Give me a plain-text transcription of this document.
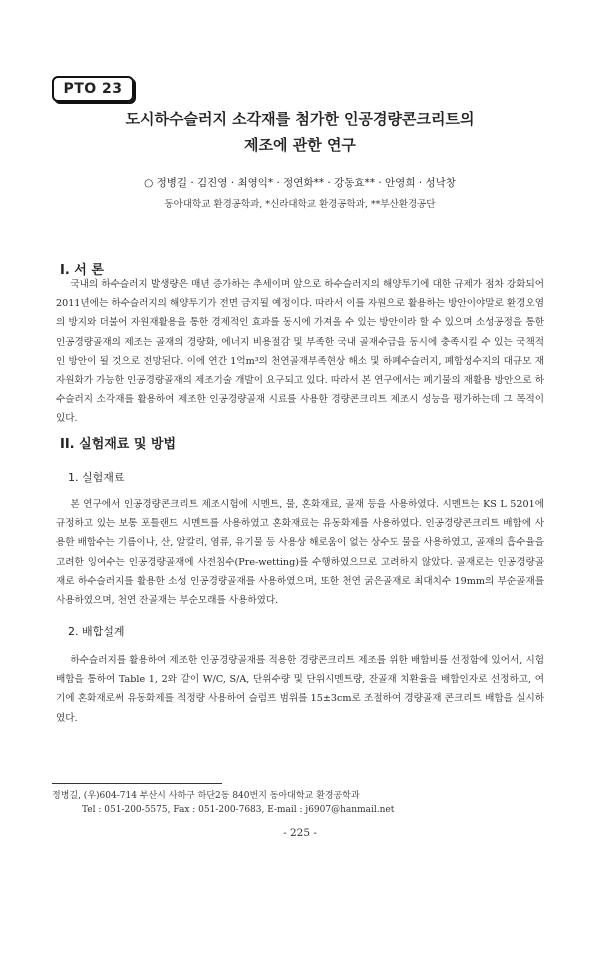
PTO 23
도시하수슬러지 소각재를 첨가한 인공경량콘크리트의
제조에 관한 연구
○ 정병길 · 김진영 · 최영익* · 정연화** · 강동효** · 안영희 · 성낙창
동아대학교 환경공학과, *신라대학교 환경공학과, **부산환경공단
I. 서 론

국내의 하수슬러지 발생량은 매년 증가하는 추세이며 앞으로 하수슬러지의 해양투기에 대한 규제가 점차 강화되어 2011년에는 하수슬러지의 해양투기가 전면 금지될 예정이다. 따라서 이를 자원으로 활용하는 방안이야말로 환경오염의 방지와 더불어 자원재활용을 통한 경제적인 효과를 동시에 가져올 수 있는 방안이라 할 수 있으며 소성공정을 통한 인공경량골재의 제조는 골재의 경량화, 에너지 비용절감 및 부족한 국내 골재수급을 동시에 충족시킬 수 있는 국책적인 방안이 될 것으로 전망된다. 이에 연간 1억m³의 천연골재부족현상 해소 및 하폐수슬러지, 폐합성수지의 대규모 재자원화가 가능한 인공경량골재의 제조기술 개발이 요구되고 있다. 따라서 본 연구에서는 폐기물의 재활용 방안으로 하수슬러지 소각재를 활용하여 제조한 인공경량골재 시료를 사용한 경량콘크리트 제조시 성능을 평가하는데 그 목적이 있다.

II. 실험재료 및 방법
1. 실험재료

본 연구에서 인공경량콘크리트 제조시험에 시멘트, 물, 혼화재료, 골재 등을 사용하였다. 시멘트는 KS L 5201에 규정하고 있는 보통 포틀랜드 시멘트를 사용하였고 혼화재료는 유동화제를 사용하였다. 인공경량콘크리트 배합에 사용한 배합수는 기름이나, 산, 알칼리, 염류, 유기물 등 사용상 해로움이 없는 상수도 물을 사용하였고, 골재의 흡수율을 고려한 잉여수는 인공경량골재에 사전침수(Pre-wetting)를 수행하였으므로 고려하지 않았다. 골재로는 인공경량골재로 하수슬러지를 활용한 소성 인공경량골재를 사용하였으며, 또한 천연 굵은골재로 최대치수 19mm의 부순골재를 사용하였으며, 천연 잔골재는 부순모래를 사용하였다.

2. 배합설계

하수슬러지를 활용하여 제조한 인공경량골재를 적용한 경량콘크리트 제조를 위한 배합비를 선정함에 있어서, 시험배합을 통하여 Table 1, 2와 같이 W/C, S/A, 단위수량 및 단위시멘트량, 잔골재 치환율을 배합인자로 선정하고, 여기에 혼화재로써 유동화제를 적정량 사용하여 슬럼프 범위를 15±3cm로 조절하여 경량골재 콘크리트 배합을 실시하였다.

정병길, (우)604-714 부산시 사하구 하단2동 840번지 동아대학교 환경공학과
Tel : 051-200-5575, Fax : 051-200-7683, E-mail : j6907@hanmail.net
- 225 -
